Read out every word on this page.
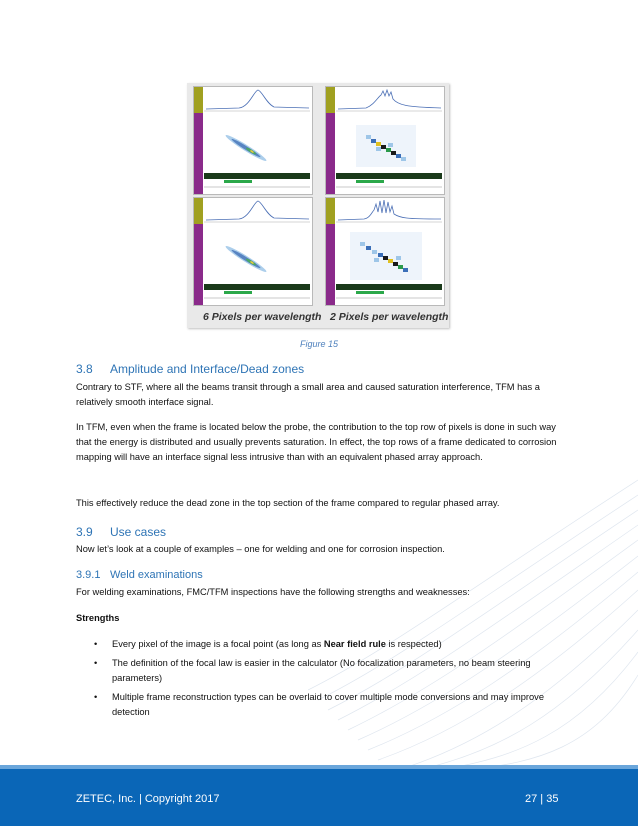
6 Pixels per wavelength 2 Pixels per wavelength
Figure 15
3.8 Amplitude and Interface/Dead zones

Contrary to STF, where all the beams transit through a small area and caused saturation interference, TFM has a relatively smooth interface signal.

In TFM, even when the frame is located below the probe, the contribution to the top row of pixels is done in such way that the energy is distributed and usually prevents saturation. In effect, the top rows of a frame dedicated to corrosion mapping will have an interface signal less intrusive than with an equivalent phased array approach.

This effectively reduce the dead zone in the top section of the frame compared to regular phased array.

3.9 Use cases

Now let’s look at a couple of examples – one for welding and one for corrosion inspection.

3.9.1 Weld examinations

For welding examinations, FMC/TFM inspections have the following strengths and weaknesses:

Strengths

• Every pixel of the image is a focal point (as long as Near field rule is respected)
• The definition of the focal law is easier in the calculator (No focalization parameters, no beam steering parameters)
• Multiple frame reconstruction types can be overlaid to cover multiple mode conversions and may improve detection
ZETEC, Inc. | Copyright 2017	27 | 35
